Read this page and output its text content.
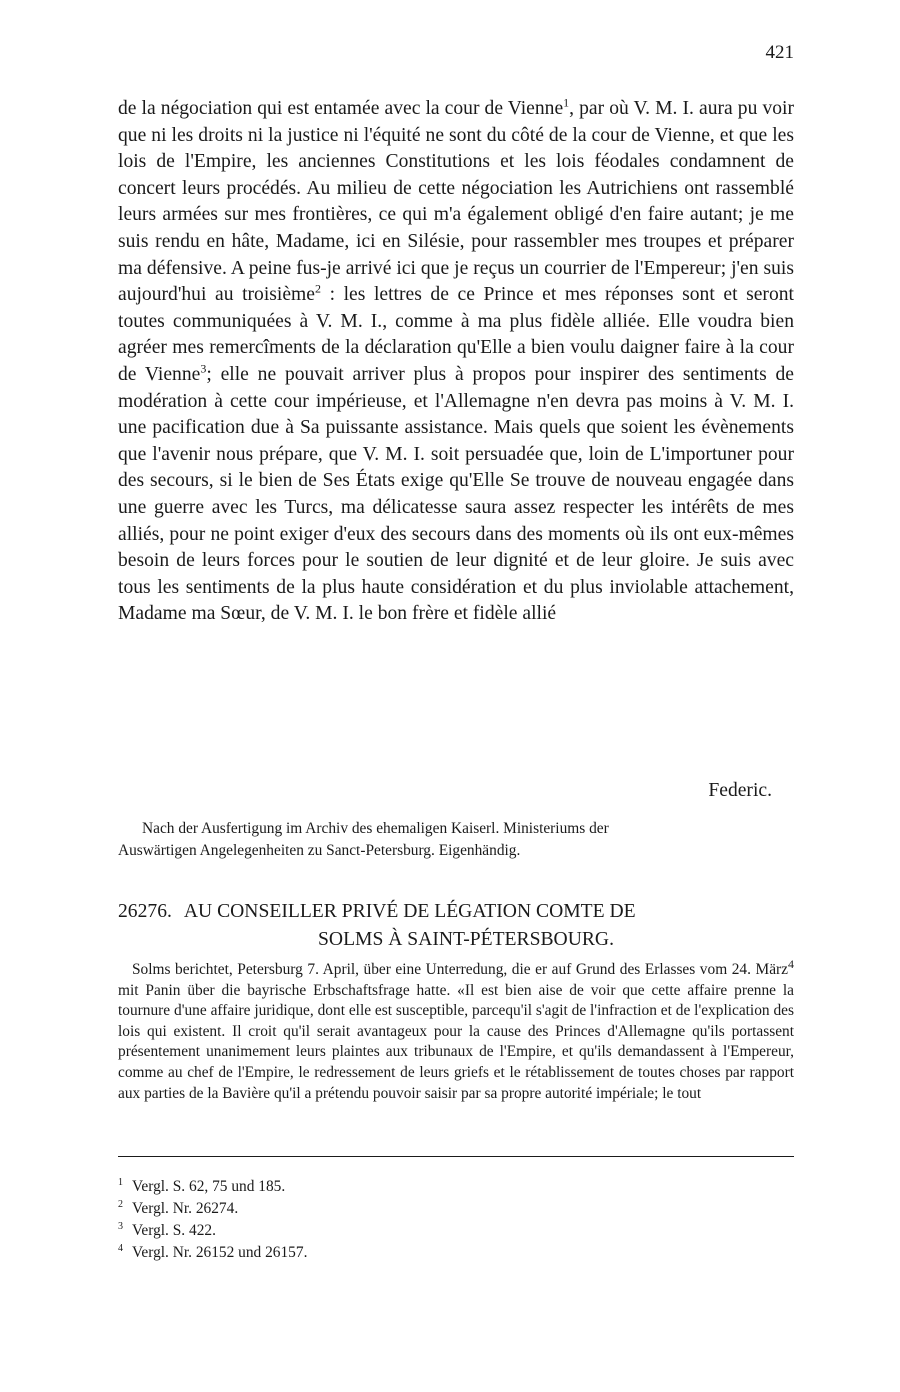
421

de la négociation qui est entamée avec la cour de Vienne$^1$, par où V. M. I. aura pu voir que ni les droits ni la justice ni l'équité ne sont du côté de la cour de Vienne, et que les lois de l'Empire, les anciennes Constitutions et les lois féodales condamnent de concert leurs procédés. Au milieu de cette négociation les Autrichiens ont rassemblé leurs armées sur mes frontières, ce qui m'a également obligé d'en faire autant; je me suis rendu en hâte, Madame, ici en Silésie, pour rassembler mes troupes et préparer ma défensive. A peine fus-je arrivé ici que je reçus un courrier de l'Empereur; j'en suis aujourd'hui au troisième$^2$ : les lettres de ce Prince et mes réponses sont et seront toutes communiquées à V. M. I., comme à ma plus fidèle alliée. Elle voudra bien agréer mes remercîments de la déclaration qu'Elle a bien voulu daigner faire à la cour de Vienne$^3$; elle ne pouvait arriver plus à propos pour inspirer des sentiments de modération à cette cour impérieuse, et l'Allemagne n'en devra pas moins à V. M. I. une pacification due à Sa puissante assistance. Mais quels que soient les évènements que l'avenir nous prépare, que V. M. I. soit persuadée que, loin de L'importuner pour des secours, si le bien de Ses États exige qu'Elle Se trouve de nouveau engagée dans une guerre avec les Turcs, ma délicatesse saura assez respecter les intérêts de mes alliés, pour ne point exiger d'eux des secours dans des moments où ils ont eux-mêmes besoin de leurs forces pour le soutien de leur dignité et de leur gloire. Je suis avec tous les sentiments de la plus haute considération et du plus inviolable attachement, Madame ma Sœur, de V. M. I. le bon frère et fidèle allié

Federic.

Nach der Ausfertigung im Archiv des ehemaligen Kaiserl. Ministeriums der
Auswärtigen Angelegenheiten zu Sanct-Petersburg. Eigenhändig.

26276. AU CONSEILLER PRIVÉ DE LÉGATION COMTE DE
SOLMS À SAINT-PÉTERSBOURG.

Solms berichtet, Petersburg 7. April, über eine Unterredung, die er auf Grund des Erlasses vom 24. März$^4$ mit Panin über die bayrische Erbschaftsfrage hatte. «Il est bien aise de voir que cette affaire prenne la tournure d'une affaire juridique, dont elle est susceptible, parcequ'il s'agit de l'infraction et de l'explication des lois qui existent. Il croit qu'il serait avantageux pour la cause des Princes d'Allemagne qu'ils portassent présentement unanimement leurs plaintes aux tribunaux de l'Empire, et qu'ils demandassent à l'Empereur, comme au chef de l'Empire, le redressement de leurs griefs et le rétablissement de toutes choses par rapport aux parties de la Bavière qu'il a prétendu pouvoir saisir par sa propre autorité impériale; le tout

1 Vergl. S. 62, 75 und 185.
2 Vergl. Nr. 26274.
3 Vergl. S. 422.
4 Vergl. Nr. 26152 und 26157.
